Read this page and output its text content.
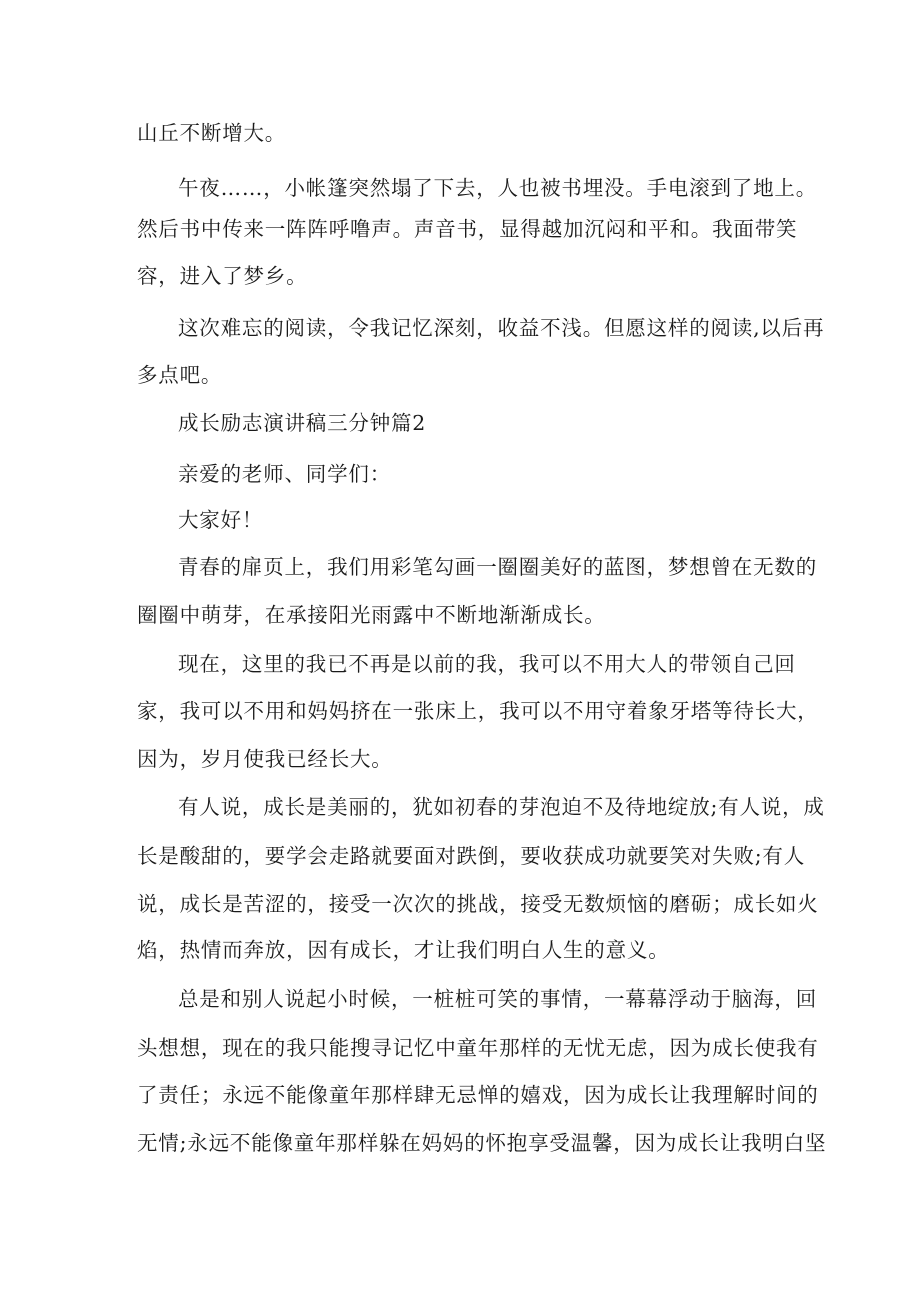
山丘不断增大。

午夜……，小帐篷突然塌了下去，人也被书埋没。手电滚到了地上。

然后书中传来一阵阵呼噜声。声音书，显得越加沉闷和平和。我面带笑

容，进入了梦乡。

这次难忘的阅读，令我记忆深刻，收益不浅。但愿这样的阅读,以后再

多点吧。

成长励志演讲稿三分钟篇2

亲爱的老师、同学们：

大家好！

青春的扉页上，我们用彩笔勾画一圈圈美好的蓝图，梦想曾在无数的

圈圈中萌芽，在承接阳光雨露中不断地渐渐成长。

现在，这里的我已不再是以前的我，我可以不用大人的带领自己回

家，我可以不用和妈妈挤在一张床上，我可以不用守着象牙塔等待长大，

因为，岁月使我已经长大。

有人说，成长是美丽的，犹如初春的芽泡迫不及待地绽放;有人说，成

长是酸甜的，要学会走路就要面对跌倒，要收获成功就要笑对失败;有人

说，成长是苦涩的，接受一次次的挑战，接受无数烦恼的磨砺；成长如火

焰，热情而奔放，因有成长，才让我们明白人生的意义。

总是和别人说起小时候，一桩桩可笑的事情，一幕幕浮动于脑海，回

头想想，现在的我只能搜寻记忆中童年那样的无忧无虑，因为成长使我有

了责任；永远不能像童年那样肆无忌惮的嬉戏，因为成长让我理解时间的

无情;永远不能像童年那样躲在妈妈的怀抱享受温馨，因为成长让我明白坚
